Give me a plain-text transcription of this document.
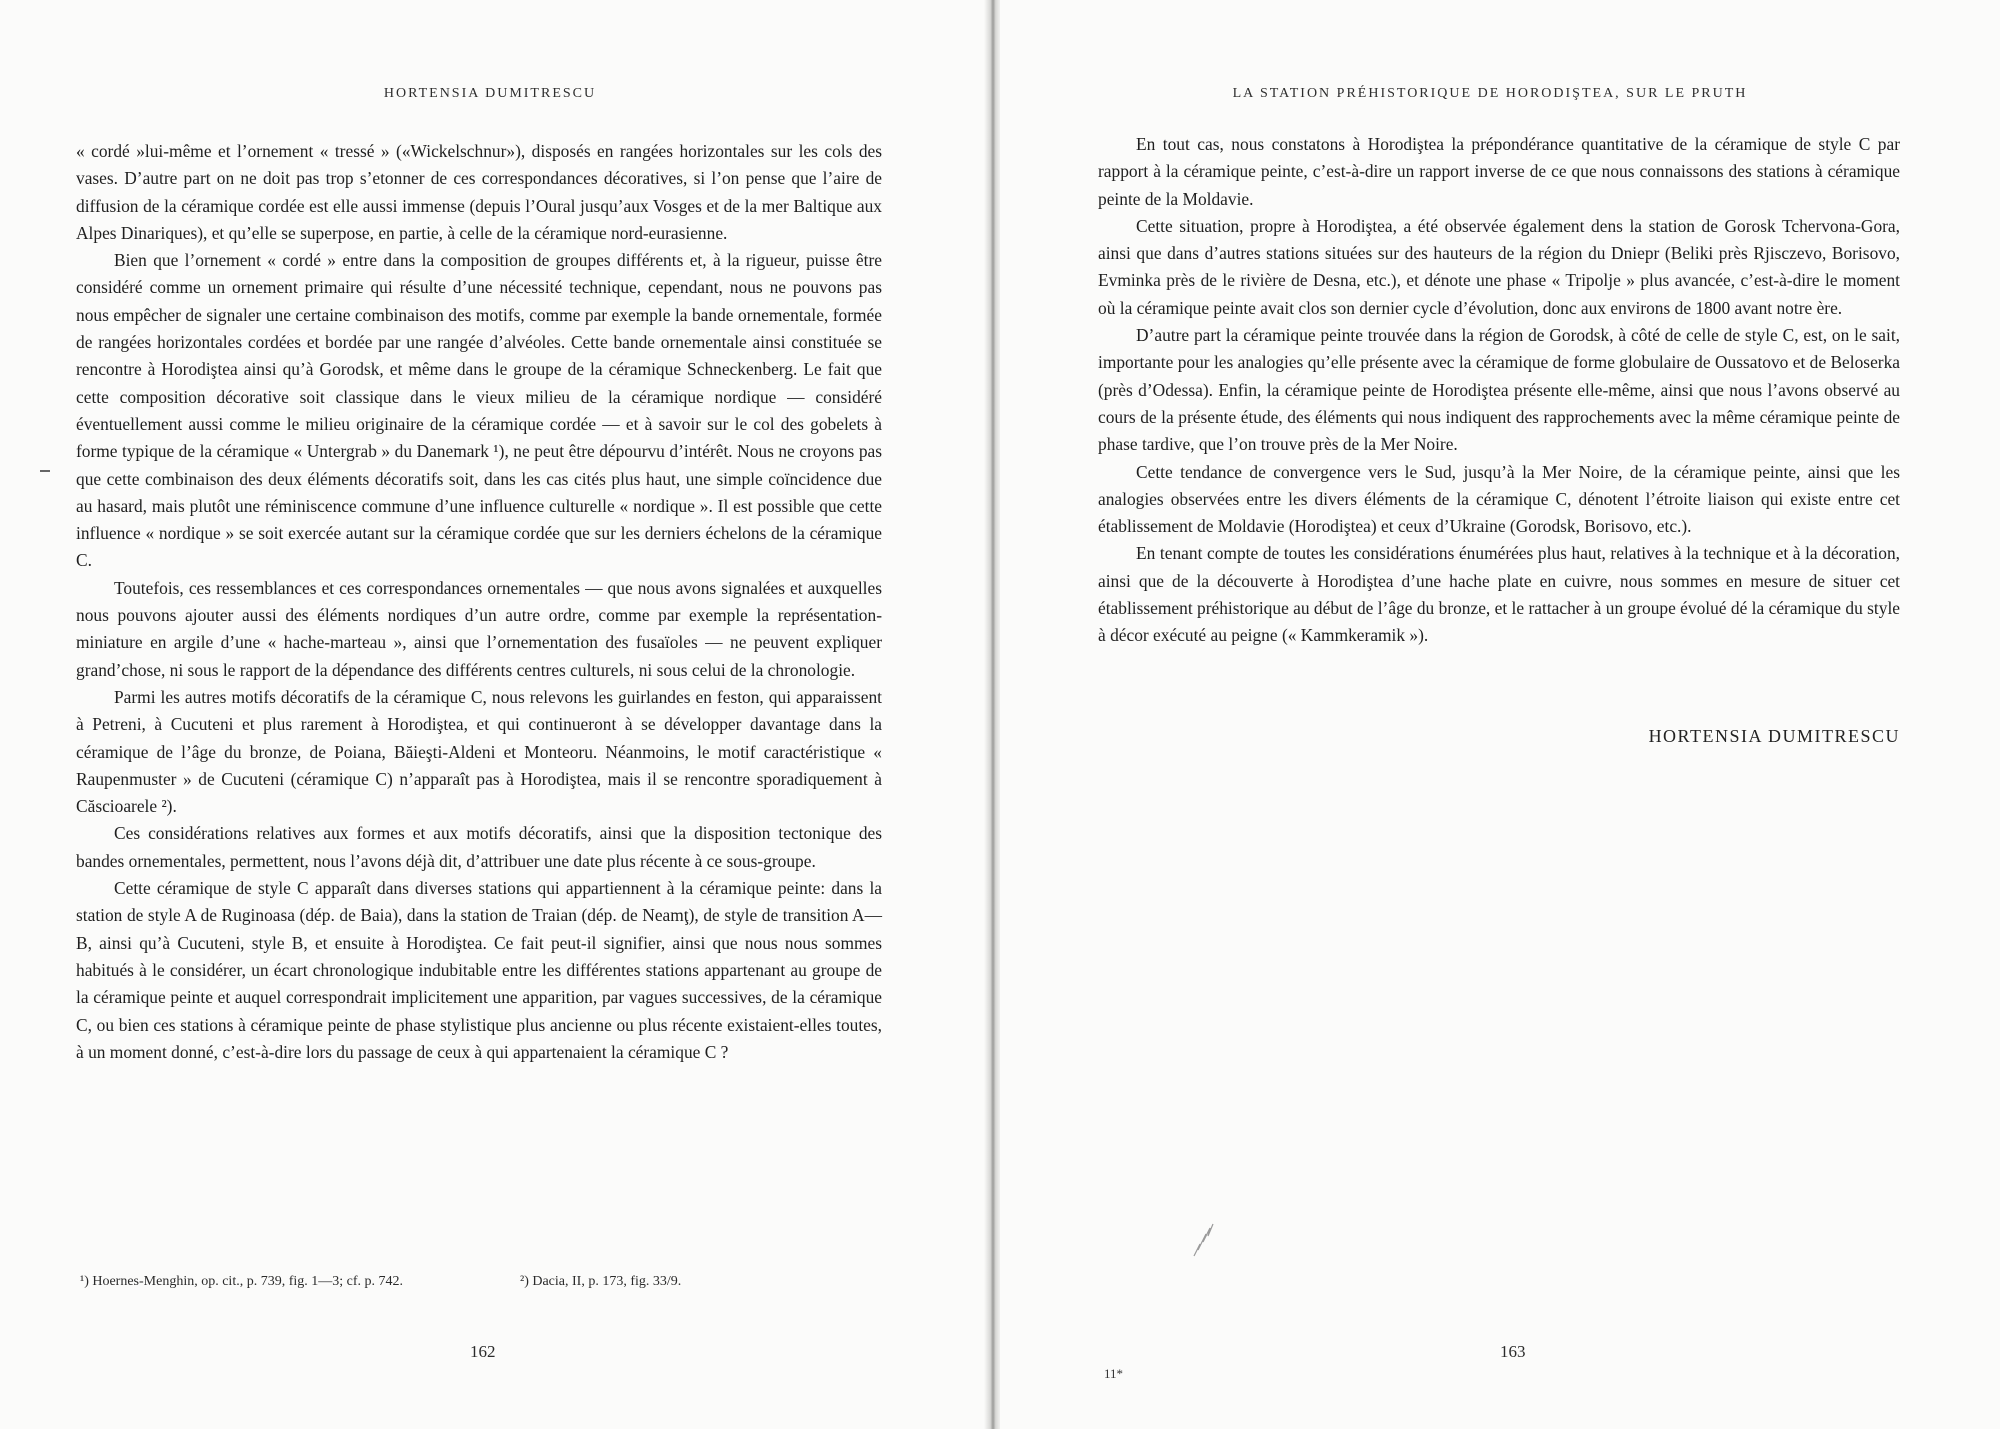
HORTENSIA DUMITRESCU

« cordé »lui-même et l’ornement « tressé » («Wickelschnur»), disposés en rangées horizontales sur les cols des vases. D’autre part on ne doit pas trop s’etonner de ces correspondances décoratives, si l’on pense que l’aire de diffusion de la céramique cordée est elle aussi immense (depuis l’Oural jusqu’aux Vosges et de la mer Baltique aux Alpes Dinariques), et qu’elle se superpose, en partie, à celle de la céramique nord-eurasienne.

Bien que l’ornement « cordé » entre dans la composition de groupes différents et, à la rigueur, puisse être considéré comme un ornement primaire qui résulte d’une nécessité technique, cependant, nous ne pouvons pas nous empêcher de signaler une certaine combinaison des motifs, comme par exemple la bande ornementale, formée de rangées horizontales cordées et bordée par une rangée d’alvéoles. Cette bande ornementale ainsi constituée se rencontre à Horodiştea ainsi qu’à Gorodsk, et même dans le groupe de la céramique Schneckenberg. Le fait que cette composition décorative soit classique dans le vieux milieu de la céramique nordique — considéré éventuellement aussi comme le milieu originaire de la céramique cordée — et à savoir sur le col des gobelets à forme typique de la céramique « Untergrab » du Danemark ¹), ne peut être dépourvu d’intérêt. Nous ne croyons pas que cette combinaison des deux éléments décoratifs soit, dans les cas cités plus haut, une simple coïncidence due au hasard, mais plutôt une réminiscence commune d’une influence culturelle « nordique ». Il est possible que cette influence « nordique » se soit exercée autant sur la céramique cordée que sur les derniers échelons de la céramique C.

Toutefois, ces ressemblances et ces correspondances ornementales — que nous avons signalées et auxquelles nous pouvons ajouter aussi des éléments nordiques d’un autre ordre, comme par exemple la représentation-miniature en argile d’une « hache-marteau », ainsi que l’ornementation des fusaïoles — ne peuvent expliquer grand’chose, ni sous le rapport de la dépendance des différents centres culturels, ni sous celui de la chronologie.

Parmi les autres motifs décoratifs de la céramique C, nous relevons les guirlandes en feston, qui apparaissent à Petreni, à Cucuteni et plus rarement à Horodiştea, et qui continueront à se développer davantage dans la céramique de l’âge du bronze, de Poiana, Băieşti-Aldeni et Monteoru. Néanmoins, le motif caractéristique « Raupenmuster » de Cucuteni (céramique C) n’apparaît pas à Horodiştea, mais il se rencontre sporadiquement à Căscioarele ²).

Ces considérations relatives aux formes et aux motifs décoratifs, ainsi que la disposition tectonique des bandes ornementales, permettent, nous l’avons déjà dit, d’attribuer une date plus récente à ce sous-groupe.

Cette céramique de style C apparaît dans diverses stations qui appartiennent à la céramique peinte: dans la station de style A de Ruginoasa (dép. de Baia), dans la station de Traian (dép. de Neamţ), de style de transition A— B, ainsi qu’à Cucuteni, style B, et ensuite à Horodiştea. Ce fait peut-il signifier, ainsi que nous nous sommes habitués à le considérer, un écart chronologique indubitable entre les différentes stations appartenant au groupe de la céramique peinte et auquel correspondrait implicitement une apparition, par vagues successives, de la céramique C, ou bien ces stations à céramique peinte de phase stylistique plus ancienne ou plus récente existaient-elles toutes, à un moment donné, c’est-à-dire lors du passage de ceux à qui appartenaient la céramique C ?

¹) Hoernes-Menghin, op. cit., p. 739, fig. 1—3; cf. p. 742.	²) Dacia, II, p. 173, fig. 33/9.
162
LA STATION PRÉHISTORIQUE DE HORODIŞTEA, SUR LE PRUTH

En tout cas, nous constatons à Horodiştea la prépondérance quantitative de la céramique de style C par rapport à la céramique peinte, c’est-à-dire un rapport inverse de ce que nous connaissons des stations à céramique peinte de la Moldavie.

Cette situation, propre à Horodiştea, a été observée également dens la station de Gorosk Tchervona-Gora, ainsi que dans d’autres stations situées sur des hauteurs de la région du Dniepr (Beliki près Rjisczevo, Borisovo, Evminka près de le rivière de Desna, etc.), et dénote une phase « Tripolje » plus avancée, c’est-à-dire le moment où la céramique peinte avait clos son dernier cycle d’évolution, donc aux environs de 1800 avant notre ère.

D’autre part la céramique peinte trouvée dans la région de Gorodsk, à côté de celle de style C, est, on le sait, importante pour les analogies qu’elle présente avec la céramique de forme globulaire de Oussatovo et de Beloserka (près d’Odessa). Enfin, la céramique peinte de Horodiştea présente elle-même, ainsi que nous l’avons observé au cours de la présente étude, des éléments qui nous indiquent des rapprochements avec la même céramique peinte de phase tardive, que l’on trouve près de la Mer Noire.

Cette tendance de convergence vers le Sud, jusqu’à la Mer Noire, de la céramique peinte, ainsi que les analogies observées entre les divers éléments de la céramique C, dénotent l’étroite liaison qui existe entre cet établissement de Moldavie (Horodiştea) et ceux d’Ukraine (Gorodsk, Borisovo, etc.).

En tenant compte de toutes les considérations énumérées plus haut, relatives à la technique et à la décoration, ainsi que de la découverte à Horodiştea d’une hache plate en cuivre, nous sommes en mesure de situer cet établissement préhistorique au début de l’âge du bronze, et le rattacher à un groupe évolué dé la céramique du style à décor exécuté au peigne (« Kammkeramik »).

HORTENSIA DUMITRESCU
163
11*
